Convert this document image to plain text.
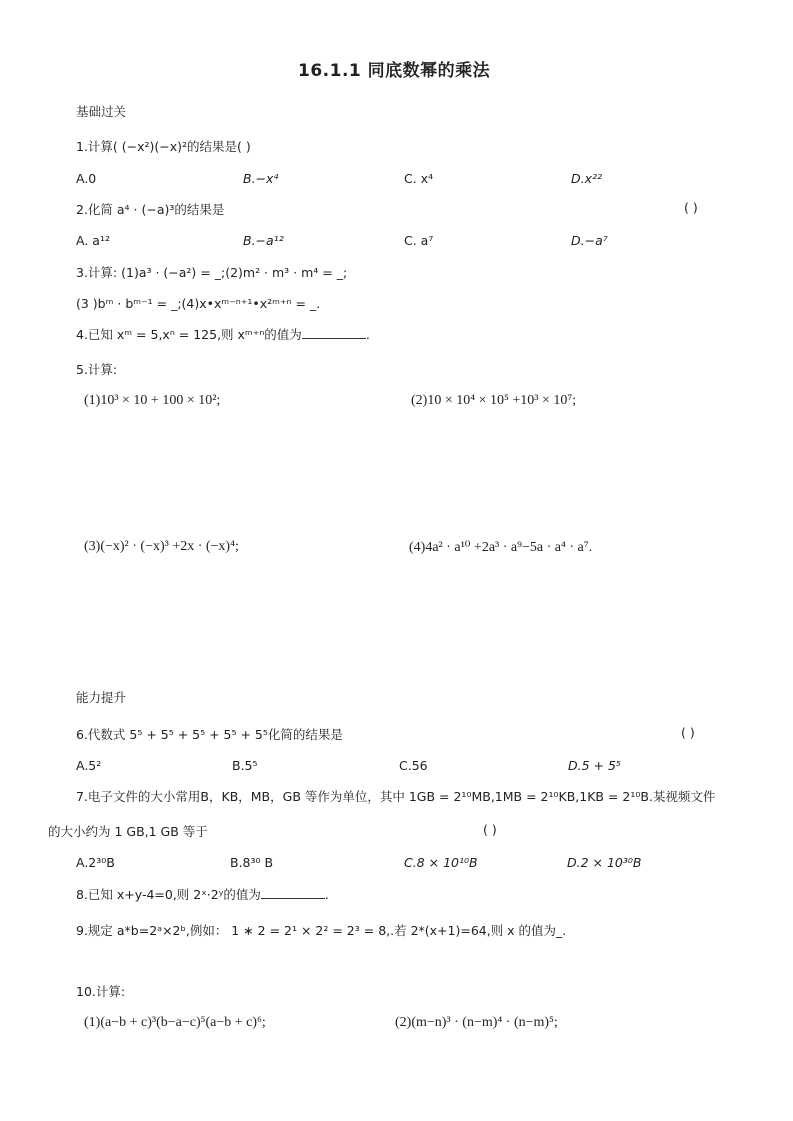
16.1.1 同底数幂的乘法
基础过关
1.计算( (−x²)(−x)²的结果是( )
A.0	B.−x⁴	C. x⁴	D.x²²
2.化简 a⁴ · (−a)³的结果是	( )
A. a¹²	B.−a¹²	C. a⁷	D.−a⁷
3.计算: (1)a³ · (−a²) = _;(2)m² · m³ · m⁴ = _;
(3 )bᵐ · bᵐ⁻¹ = _;(4)x•xᵐ⁻ⁿ⁺¹•x²ᵐ⁺ⁿ = _.
4.已知 xᵐ = 5,xⁿ = 125,则 xᵐ⁺ⁿ的值为	.
5.计算:
(1)10³ × 10 + 100 × 10²;	(2)10 × 10⁴ × 10⁵ +10³ × 10⁷;
(3)(−x)² · (−x)³ +2x · (−x)⁴;	(4)4a² · a¹⁰ +2a³ · a⁹−5a · a⁴ · a⁷.
能力提升
6.代数式 5⁵ + 5⁵ + 5⁵ + 5⁵ + 5⁵化简的结果是	( )
A.5²	B.5⁵	C.56	D.5 + 5⁵
7.电子文件的大小常用B，KB，MB，GB 等作为单位，其中 1GB = 2¹⁰MB,1MB = 2¹⁰KB,1KB = 2¹⁰B.某视频文件
的大小约为 1 GB,1 GB 等于	( )
A.2³⁰B	B.8³⁰ B	C.8 × 10¹⁰B	D.2 × 10³⁰B
8.已知 x+y-4=0,则 2ˣ·2ʸ的值为	.
9.规定 a*b=2ᵃ×2ᵇ,例如： 1 ∗ 2 = 2¹ × 2² = 2³ = 8,.若 2*(x+1)=64,则 x 的值为_.
10.计算:
(1)(a−b + c)³(b−a−c)⁵(a−b + c)⁶;	(2)(m−n)³ · (n−m)⁴ · (n−m)⁵;
